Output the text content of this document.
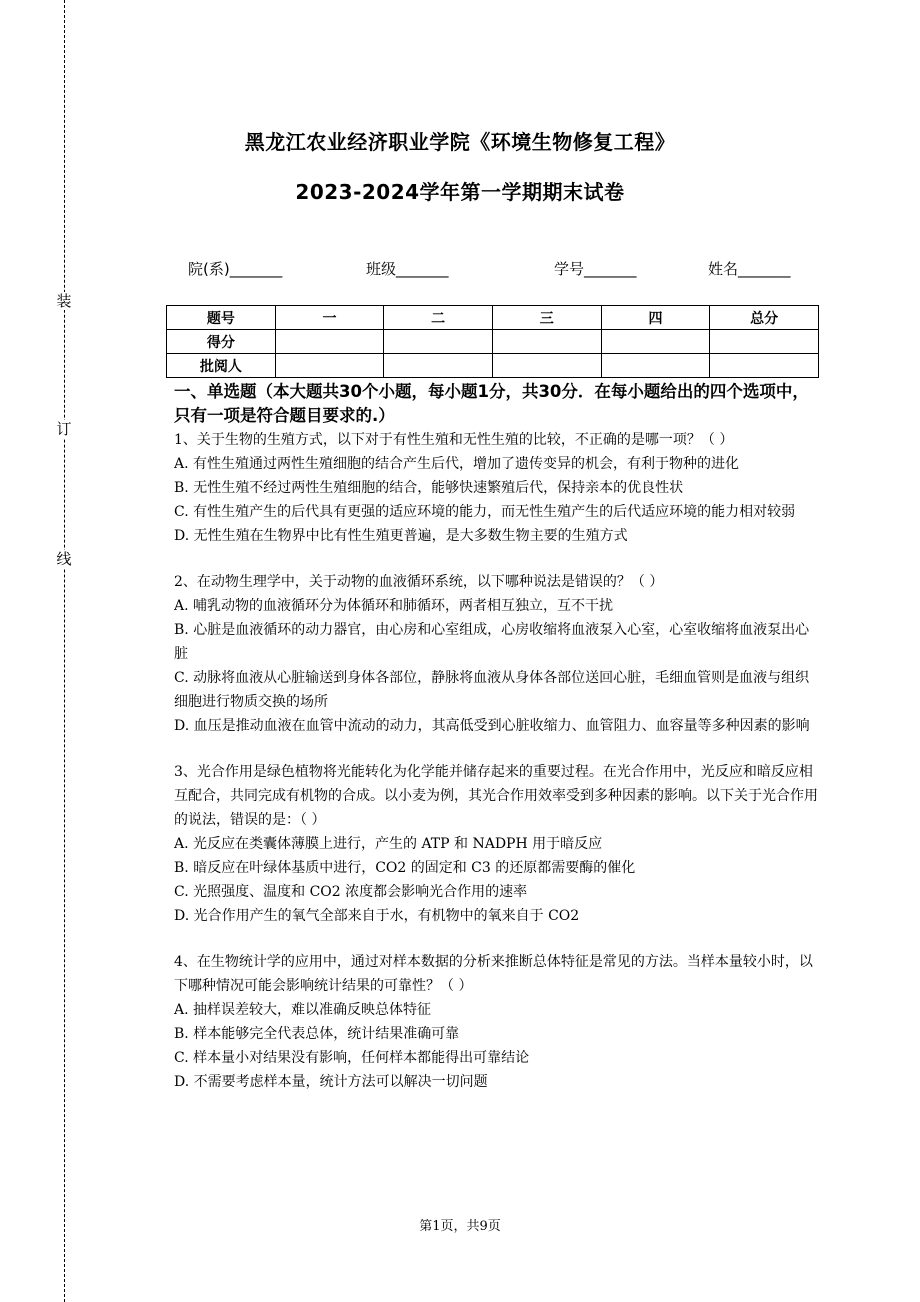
装
订
线
黑龙江农业经济职业学院《环境生物修复工程》
2023-2024学年第一学期期末试卷
院(系)_______	班级_______	学号_______	姓名_______
题号	一	二	三	四	总分
得分					
批阅人					

一、单选题（本大题共30个小题，每小题1分，共30分．在每小题给出的四个选项中，只有一项是符合题目要求的.）

1、关于生物的生殖方式，以下对于有性生殖和无性生殖的比较，不正确的是哪一项？（ ）

A. 有性生殖通过两性生殖细胞的结合产生后代，增加了遗传变异的机会，有利于物种的进化
B. 无性生殖不经过两性生殖细胞的结合，能够快速繁殖后代，保持亲本的优良性状
C. 有性生殖产生的后代具有更强的适应环境的能力，而无性生殖产生的后代适应环境的能力相对较弱
D. 无性生殖在生物界中比有性生殖更普遍，是大多数生物主要的生殖方式

2、在动物生理学中，关于动物的血液循环系统，以下哪种说法是错误的？（ ）

A. 哺乳动物的血液循环分为体循环和肺循环，两者相互独立，互不干扰
B. 心脏是血液循环的动力器官，由心房和心室组成，心房收缩将血液泵入心室，心室收缩将血液泵出心脏
C. 动脉将血液从心脏输送到身体各部位，静脉将血液从身体各部位送回心脏，毛细血管则是血液与组织细胞进行物质交换的场所
D. 血压是推动血液在血管中流动的动力，其高低受到心脏收缩力、血管阻力、血容量等多种因素的影响

3、光合作用是绿色植物将光能转化为化学能并储存起来的重要过程。在光合作用中，光反应和暗反应相互配合，共同完成有机物的合成。以小麦为例，其光合作用效率受到多种因素的影响。以下关于光合作用的说法，错误的是：（ ）

A. 光反应在类囊体薄膜上进行，产生的 ATP 和 NADPH 用于暗反应
B. 暗反应在叶绿体基质中进行，CO2 的固定和 C3 的还原都需要酶的催化
C. 光照强度、温度和 CO2 浓度都会影响光合作用的速率
D. 光合作用产生的氧气全部来自于水，有机物中的氧来自于 CO2

4、在生物统计学的应用中，通过对样本数据的分析来推断总体特征是常见的方法。当样本量较小时，以下哪种情况可能会影响统计结果的可靠性？（ ）

A. 抽样误差较大，难以准确反映总体特征
B. 样本能够完全代表总体，统计结果准确可靠
C. 样本量小对结果没有影响，任何样本都能得出可靠结论
D. 不需要考虑样本量，统计方法可以解决一切问题
第1页，共9页
